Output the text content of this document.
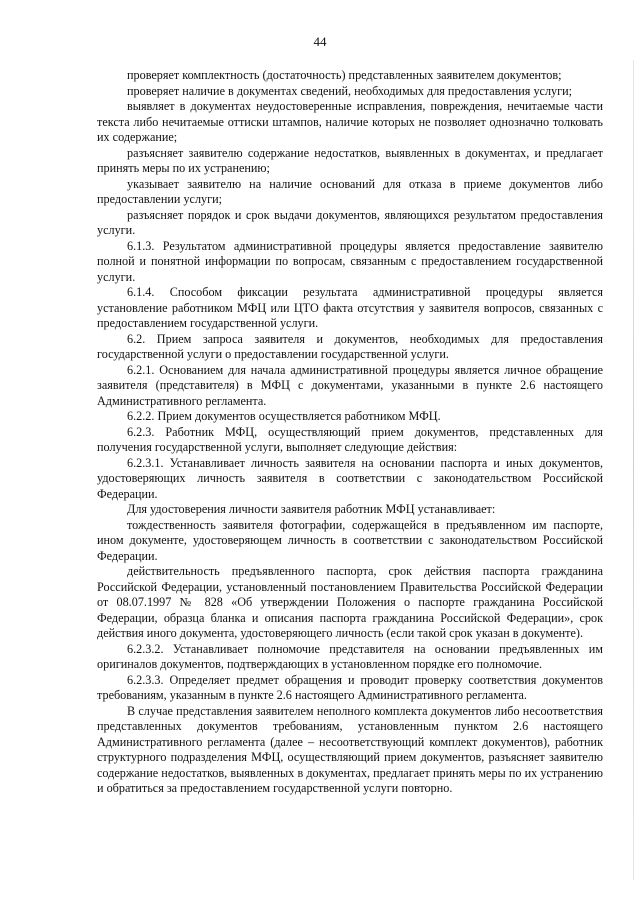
44

проверяет комплектность (достаточность) представленных заявителем документов;

проверяет наличие в документах сведений, необходимых для предоставления услуги;

выявляет в документах неудостоверенные исправления, повреждения, нечитаемые части текста либо нечитаемые оттиски штампов, наличие которых не позволяет однозначно толковать их содержание;

разъясняет заявителю содержание недостатков, выявленных в документах, и предлагает принять меры по их устранению;

указывает заявителю на наличие оснований для отказа в приеме документов либо предоставлении услуги;

разъясняет порядок и срок выдачи документов, являющихся результатом предоставления услуги.

6.1.3. Результатом административной процедуры является предоставление заявителю полной и понятной информации по вопросам, связанным с предоставлением государственной услуги.

6.1.4. Способом фиксации результата административной процедуры является установление работником МФЦ или ЦТО факта отсутствия у заявителя вопросов, связанных с предоставлением государственной услуги.

6.2. Прием запроса заявителя и документов, необходимых для предоставления государственной услуги о предоставлении государственной услуги.

6.2.1. Основанием для начала административной процедуры является личное обращение заявителя (представителя) в МФЦ с документами, указанными в пункте 2.6 настоящего Административного регламента.

6.2.2. Прием документов осуществляется работником МФЦ.

6.2.3. Работник МФЦ, осуществляющий прием документов, представленных для получения государственной услуги, выполняет следующие действия:

6.2.3.1. Устанавливает личность заявителя на основании паспорта и иных документов, удостоверяющих личность заявителя в соответствии с законодательством Российской Федерации.

Для удостоверения личности заявителя работник МФЦ устанавливает:

тождественность заявителя фотографии, содержащейся в предъявленном им паспорте, ином документе, удостоверяющем личность в соответствии с законодательством Российской Федерации.

действительность предъявленного паспорта, срок действия паспорта гражданина Российской Федерации, установленный постановлением Правительства Российской Федерации от 08.07.1997 № 828 «Об утверждении Положения о паспорте гражданина Российской Федерации, образца бланка и описания паспорта гражданина Российской Федерации», срок действия иного документа, удостоверяющего личность (если такой срок указан в документе).

6.2.3.2. Устанавливает полномочие представителя на основании предъявленных им оригиналов документов, подтверждающих в установленном порядке его полномочие.

6.2.3.3. Определяет предмет обращения и проводит проверку соответствия документов требованиям, указанным в пункте 2.6 настоящего Административного регламента.

В случае представления заявителем неполного комплекта документов либо несоответствия представленных документов требованиям, установленным пунктом 2.6 настоящего Административного регламента (далее – несоответствующий комплект документов), работник структурного подразделения МФЦ, осуществляющий прием документов, разъясняет заявителю содержание недостатков, выявленных в документах, предлагает принять меры по их устранению и обратиться за предоставлением государственной услуги повторно.
